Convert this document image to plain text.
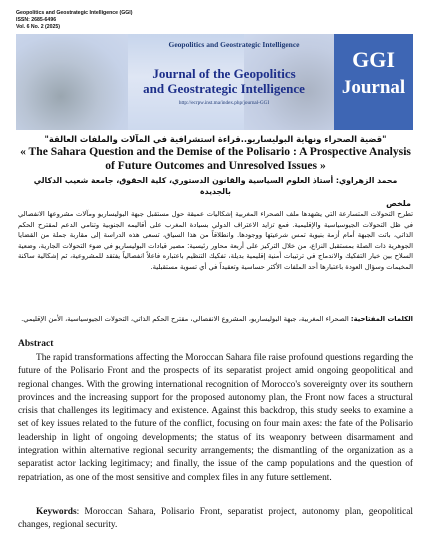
Geopolitics and Geostrategic Intelligence (GGI)
ISSN: 2685-6496
Vol. 6 No. 2 (2025)
Geopolitics and Geostrategic Intelligence
Journal of the Geopolitics
and Geostrategic Intelligence
http://ecrpw.inst.ma/index.php/journal-GGI
GGI
Journal
"قضية الصحراء ونهاية البوليساريو..قراءة استشرافية في المآلات والملفات العالقة"
« The Sahara Question and the Demise of the Polisario : A Prospective Analysis of Future Outcomes and Unresolved Issues »
محمد الزهراوي: أستاذ العلوم السياسية والقانون الدستوري، كلية الحقوق، جامعة شعيب الدكالي بالجديدة
ملخص
تطرح التحولات المتسارعة التي يشهدها ملف الصحراء المغربية إشكاليات عميقة حول مستقبل جبهة البوليساريو ومآلات مشروعها الانفصالي في ظل التحولات الجيوسياسية والإقليمية. فمع تزايد الاعتراف الدولي بسيادة المغرب على أقاليمه الجنوبية وتنامي الدعم لمقترح الحكم الذاتي، باتت الجبهة أمام أزمة بنيوية تمس شرعيتها ووجودها. وانطلاقاً من هذا السياق، تسعى هذه الدراسة إلى مقاربة جملة من القضايا الجوهرية ذات الصلة بمستقبل النزاع، من خلال التركيز على أربعة محاور رئيسية: مصير قيادات البوليساريو في ضوء التحولات الجارية، وضعية السلاح بين خيار التفكيك والاندماج في ترتيبات أمنية إقليمية بديلة، تفكيك التنظيم باعتباره فاعلاً انفصالياً يفتقد للمشروعية، ثم إشكالية ساكنة المخيمات وسؤال العودة باعتبارها أحد الملفات الأكثر حساسية وتعقيداً في أي تسوية مستقبلية.
الكلمات المفتاحية: الصحراء المغربية، جبهة البوليساريو، المشروع الانفصالي، مقترح الحكم الذاتي، التحولات الجيوسياسية، الأمن الإقليمي.
Abstract
The rapid transformations affecting the Moroccan Sahara file raise profound questions regarding the future of the Polisario Front and the prospects of its separatist project amid ongoing geopolitical and regional changes. With the growing international recognition of Morocco's sovereignty over its southern provinces and the increasing support for the proposed autonomy plan, the Front now faces a structural crisis that challenges its legitimacy and existence. Against this backdrop, this study seeks to examine a set of key issues related to the future of the conflict, focusing on four main axes: the fate of the Polisario leadership in light of ongoing developments; the status of its weaponry between disarmament and integration within alternative regional security arrangements; the dismantling of the organization as a separatist actor lacking legitimacy; and finally, the issue of the camp populations and the question of repatriation, as one of the most sensitive and complex files in any future settlement.
Keywords: Moroccan Sahara, Polisario Front, separatist project, autonomy plan, geopolitical changes, regional security.
